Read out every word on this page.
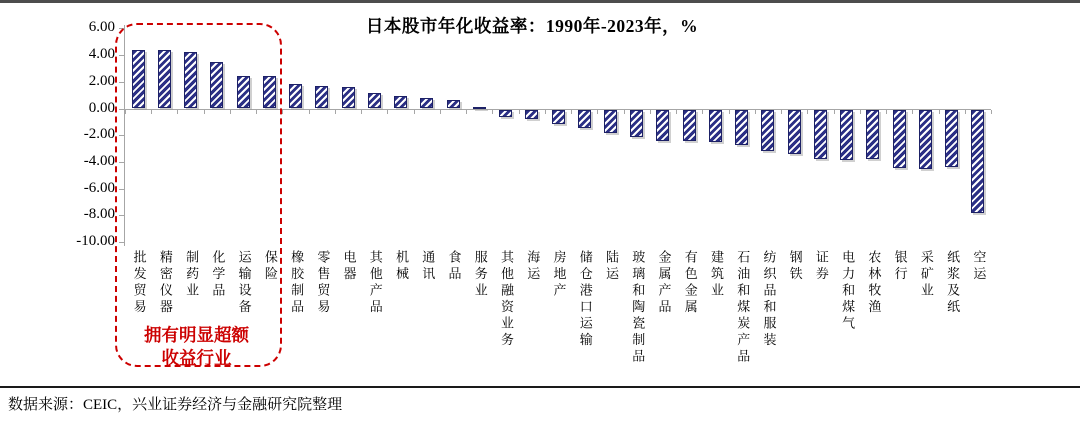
日本股市年化收益率：1990年-2023年，%
6.00
4.00
2.00
0.00
-2.00
-4.00
-6.00
-8.00
-10.00
批发贸易 精密仪器 制药业 化学品 运输设备 保险 橡胶制品 零售贸易 电器 其他产品 机械 通讯 食品 服务业 其他融资业务 海运 房地产 储仓港口运输 陆运 玻璃和陶瓷制品 金属产品 有色金属 建筑业 石油和煤炭产品 纺织品和服装 钢铁 证券 电力和煤气 农林牧渔 银行 采矿业 纸浆及纸 空运
拥有明显超额
收益行业
数据来源：CEIC，兴业证券经济与金融研究院整理
